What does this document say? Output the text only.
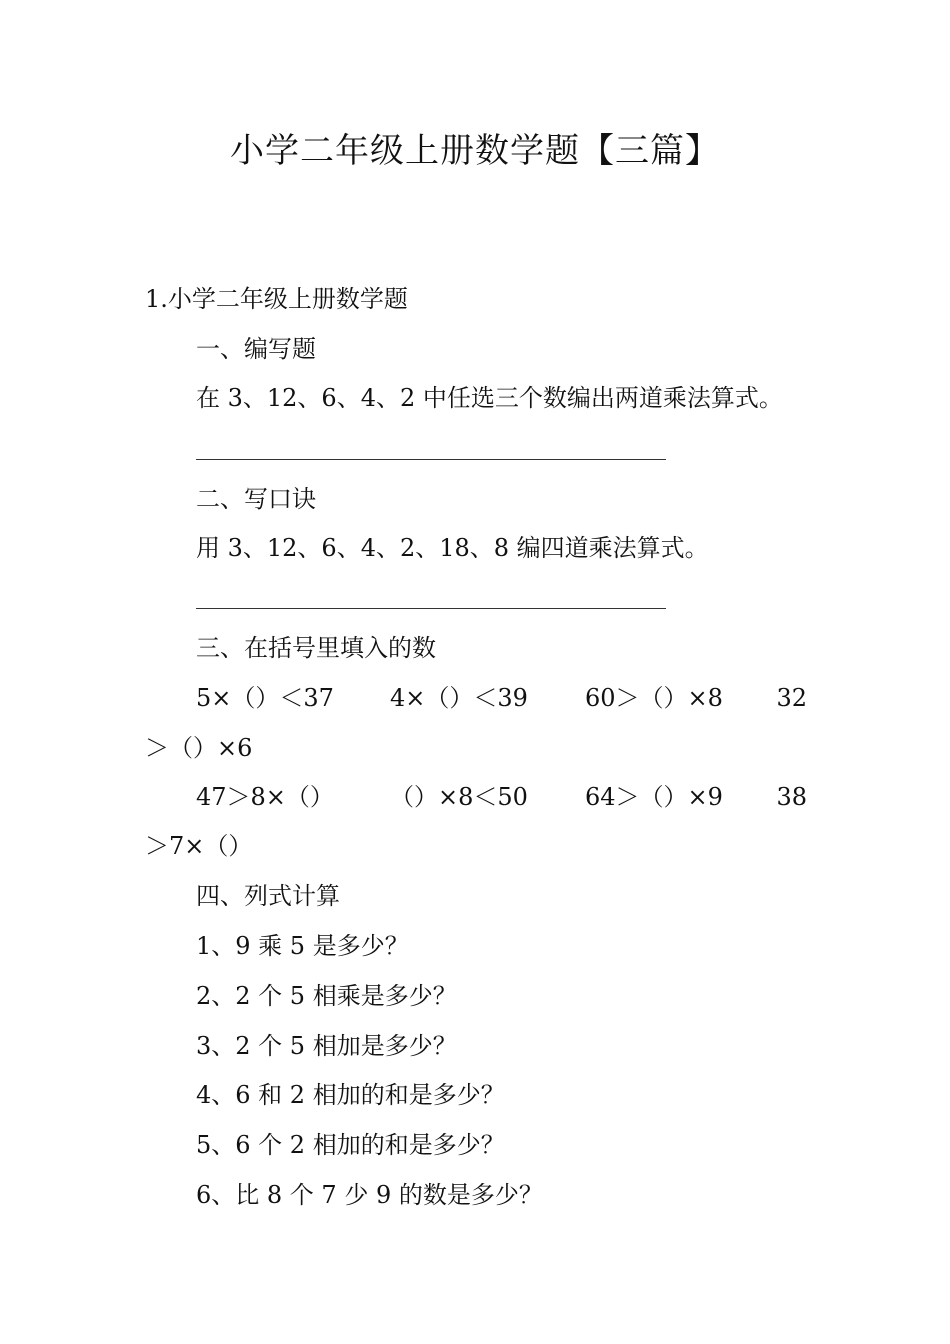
小学二年级上册数学题【三篇】

1.小学二年级上册数学题

一、编写题

在 3、12、6、4、2 中任选三个数编出两道乘法算式。

二、写口诀

用 3、12、6、4、2、18、8 编四道乘法算式。

三、在括号里填入的数

5×（）＜37 4×（）＜39 60＞（）×8 32
＞（）×6
47＞8×（） （）×8＜50 64＞（）×9 38
＞7×（）

四、列式计算

1、9 乘 5 是多少？

2、2 个 5 相乘是多少？

3、2 个 5 相加是多少？

4、6 和 2 相加的和是多少？

5、6 个 2 相加的和是多少？

6、比 8 个 7 少 9 的数是多少？
